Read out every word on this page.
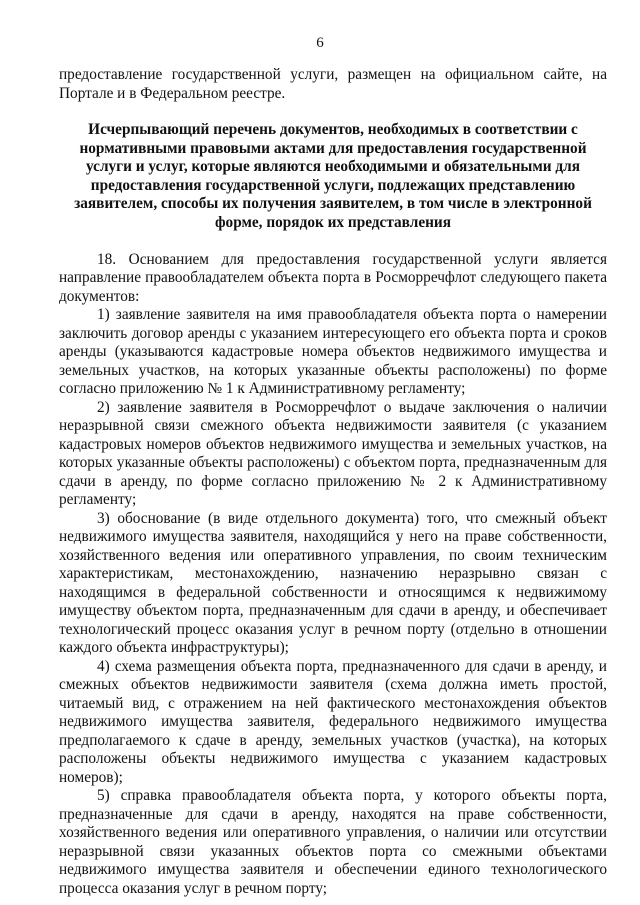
6

предоставление государственной услуги, размещен на официальном сайте, на Портале и в Федеральном реестре.

Исчерпывающий перечень документов, необходимых в соответствии с нормативными правовыми актами для предоставления государственной услуги и услуг, которые являются необходимыми и обязательными для предоставления государственной услуги, подлежащих представлению заявителем, способы их получения заявителем, в том числе в электронной форме, порядок их представления

18. Основанием для предоставления государственной услуги является направление правообладателем объекта порта в Росморречфлот следующего пакета документов:

1) заявление заявителя на имя правообладателя объекта порта о намерении заключить договор аренды с указанием интересующего его объекта порта и сроков аренды (указываются кадастровые номера объектов недвижимого имущества и земельных участков, на которых указанные объекты расположены) по форме согласно приложению № 1 к Административному регламенту;

2) заявление заявителя в Росморречфлот о выдаче заключения о наличии неразрывной связи смежного объекта недвижимости заявителя (с указанием кадастровых номеров объектов недвижимого имущества и земельных участков, на которых указанные объекты расположены) с объектом порта, предназначенным для сдачи в аренду, по форме согласно приложению № 2 к Административному регламенту;

3) обоснование (в виде отдельного документа) того, что смежный объект недвижимого имущества заявителя, находящийся у него на праве собственности, хозяйственного ведения или оперативного управления, по своим техническим характеристикам, местонахождению, назначению неразрывно связан с находящимся в федеральной собственности и относящимся к недвижимому имуществу объектом порта, предназначенным для сдачи в аренду, и обеспечивает технологический процесс оказания услуг в речном порту (отдельно в отношении каждого объекта инфраструктуры);

4) схема размещения объекта порта, предназначенного для сдачи в аренду, и смежных объектов недвижимости заявителя (схема должна иметь простой, читаемый вид, с отражением на ней фактического местонахождения объектов недвижимого имущества заявителя, федерального недвижимого имущества предполагаемого к сдаче в аренду, земельных участков (участка), на которых расположены объекты недвижимого имущества с указанием кадастровых номеров);

5) справка правообладателя объекта порта, у которого объекты порта, предназначенные для сдачи в аренду, находятся на праве собственности, хозяйственного ведения или оперативного управления, о наличии или отсутствии неразрывной связи указанных объектов порта со смежными объектами недвижимого имущества заявителя и обеспечении единого технологического процесса оказания услуг в речном порту;
